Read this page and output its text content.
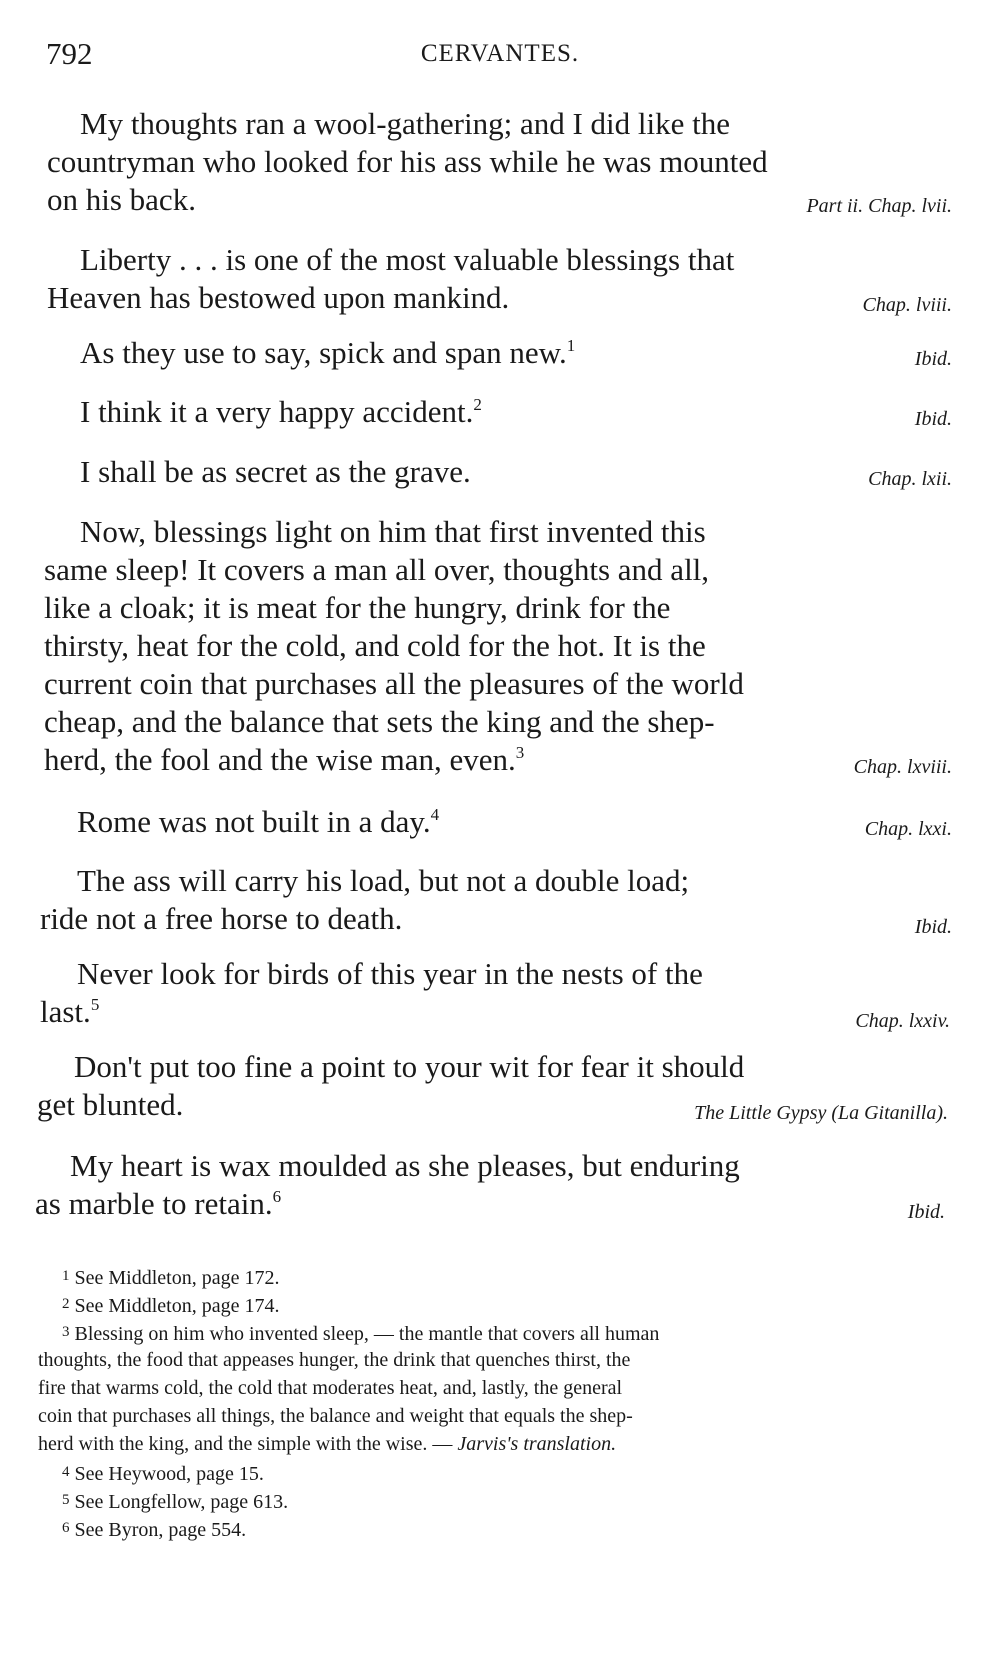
792	CERVANTES.
My thoughts ran a wool-gathering; and I did like the
countryman who looked for his ass while he was mounted
on his back.	Part ii. Chap. lvii.
Liberty . . . is one of the most valuable blessings that
Heaven has bestowed upon mankind.	Chap. lviii.
As they use to say, spick and span new.$^1$
Ibid.
I think it a very happy accident.$^2$
Ibid.
I shall be as secret as the grave.	Chap. lxii.
Now, blessings light on him that first invented this
same sleep! It covers a man all over, thoughts and all,
like a cloak; it is meat for the hungry, drink for the
thirsty, heat for the cold, and cold for the hot. It is the
current coin that purchases all the pleasures of the world
cheap, and the balance that sets the king and the shep-
herd, the fool and the wise man, even.$^3$
Chap. lxviii.
Rome was not built in a day.$^4$
Chap. lxxi.
The ass will carry his load, but not a double load;
ride not a free horse to death.	Ibid.
Never look for birds of this year in the nests of the
last.$^5$
Chap. lxxiv.
Don't put too fine a point to your wit for fear it should
get blunted.	The Little Gypsy (La Gitanilla).
My heart is wax moulded as she pleases, but enduring
as marble to retain.$^6$
Ibid.
$^1$ See Middleton, page 172.
$^2$ See Middleton, page 174.
$^3$ Blessing on him who invented sleep, — the mantle that covers all human
thoughts, the food that appeases hunger, the drink that quenches thirst, the
fire that warms cold, the cold that moderates heat, and, lastly, the general
coin that purchases all things, the balance and weight that equals the shep-
herd with the king, and the simple with the wise. — Jarvis's translation.
$^4$ See Heywood, page 15.
$^5$ See Longfellow, page 613.
$^6$ See Byron, page 554.
